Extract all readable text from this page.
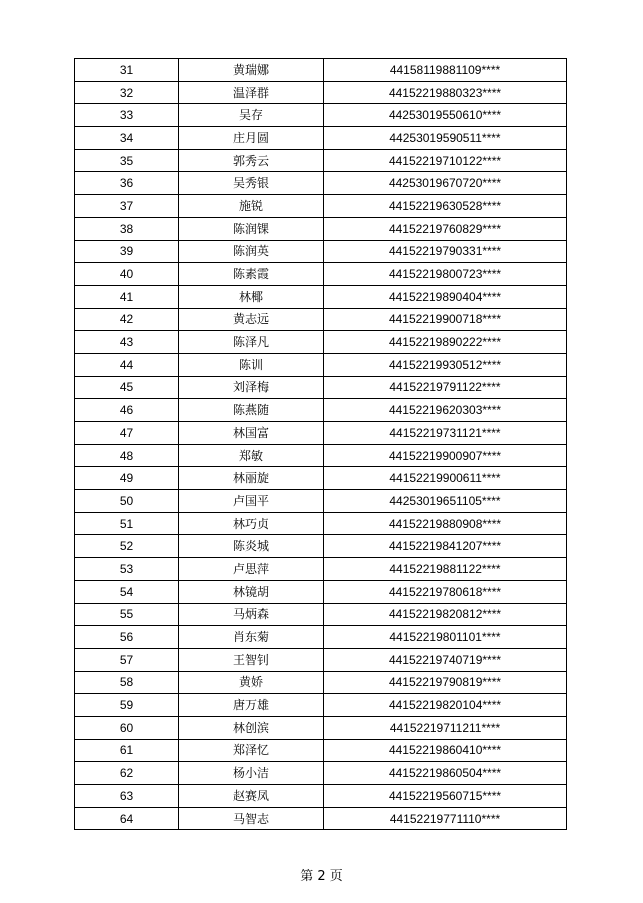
31	黄瑞娜	44158119881109****
32	温泽群	44152219880323****
33	吴存	44253019550610****
34	庄月圆	44253019590511****
35	郭秀云	44152219710122****
36	吴秀银	44253019670720****
37	施锐	44152219630528****
38	陈润锞	44152219760829****
39	陈润英	44152219790331****
40	陈素霞	44152219800723****
41	林椰	44152219890404****
42	黄志远	44152219900718****
43	陈泽凡	44152219890222****
44	陈训	44152219930512****
45	刘泽梅	44152219791122****
46	陈燕随	44152219620303****
47	林国富	44152219731121****
48	郑敏	44152219900907****
49	林丽旋	44152219900611****
50	卢国平	44253019651105****
51	林巧贞	44152219880908****
52	陈炎城	44152219841207****
53	卢思萍	44152219881122****
54	林镜胡	44152219780618****
55	马炳森	44152219820812****
56	肖东菊	44152219801101****
57	王智钊	44152219740719****
58	黄娇	44152219790819****
59	唐万雄	44152219820104****
60	林创滨	44152219711211****
61	郑泽忆	44152219860410****
62	杨小洁	44152219860504****
63	赵赛凤	44152219560715****
64	马智志	44152219771110****
第 2 页
